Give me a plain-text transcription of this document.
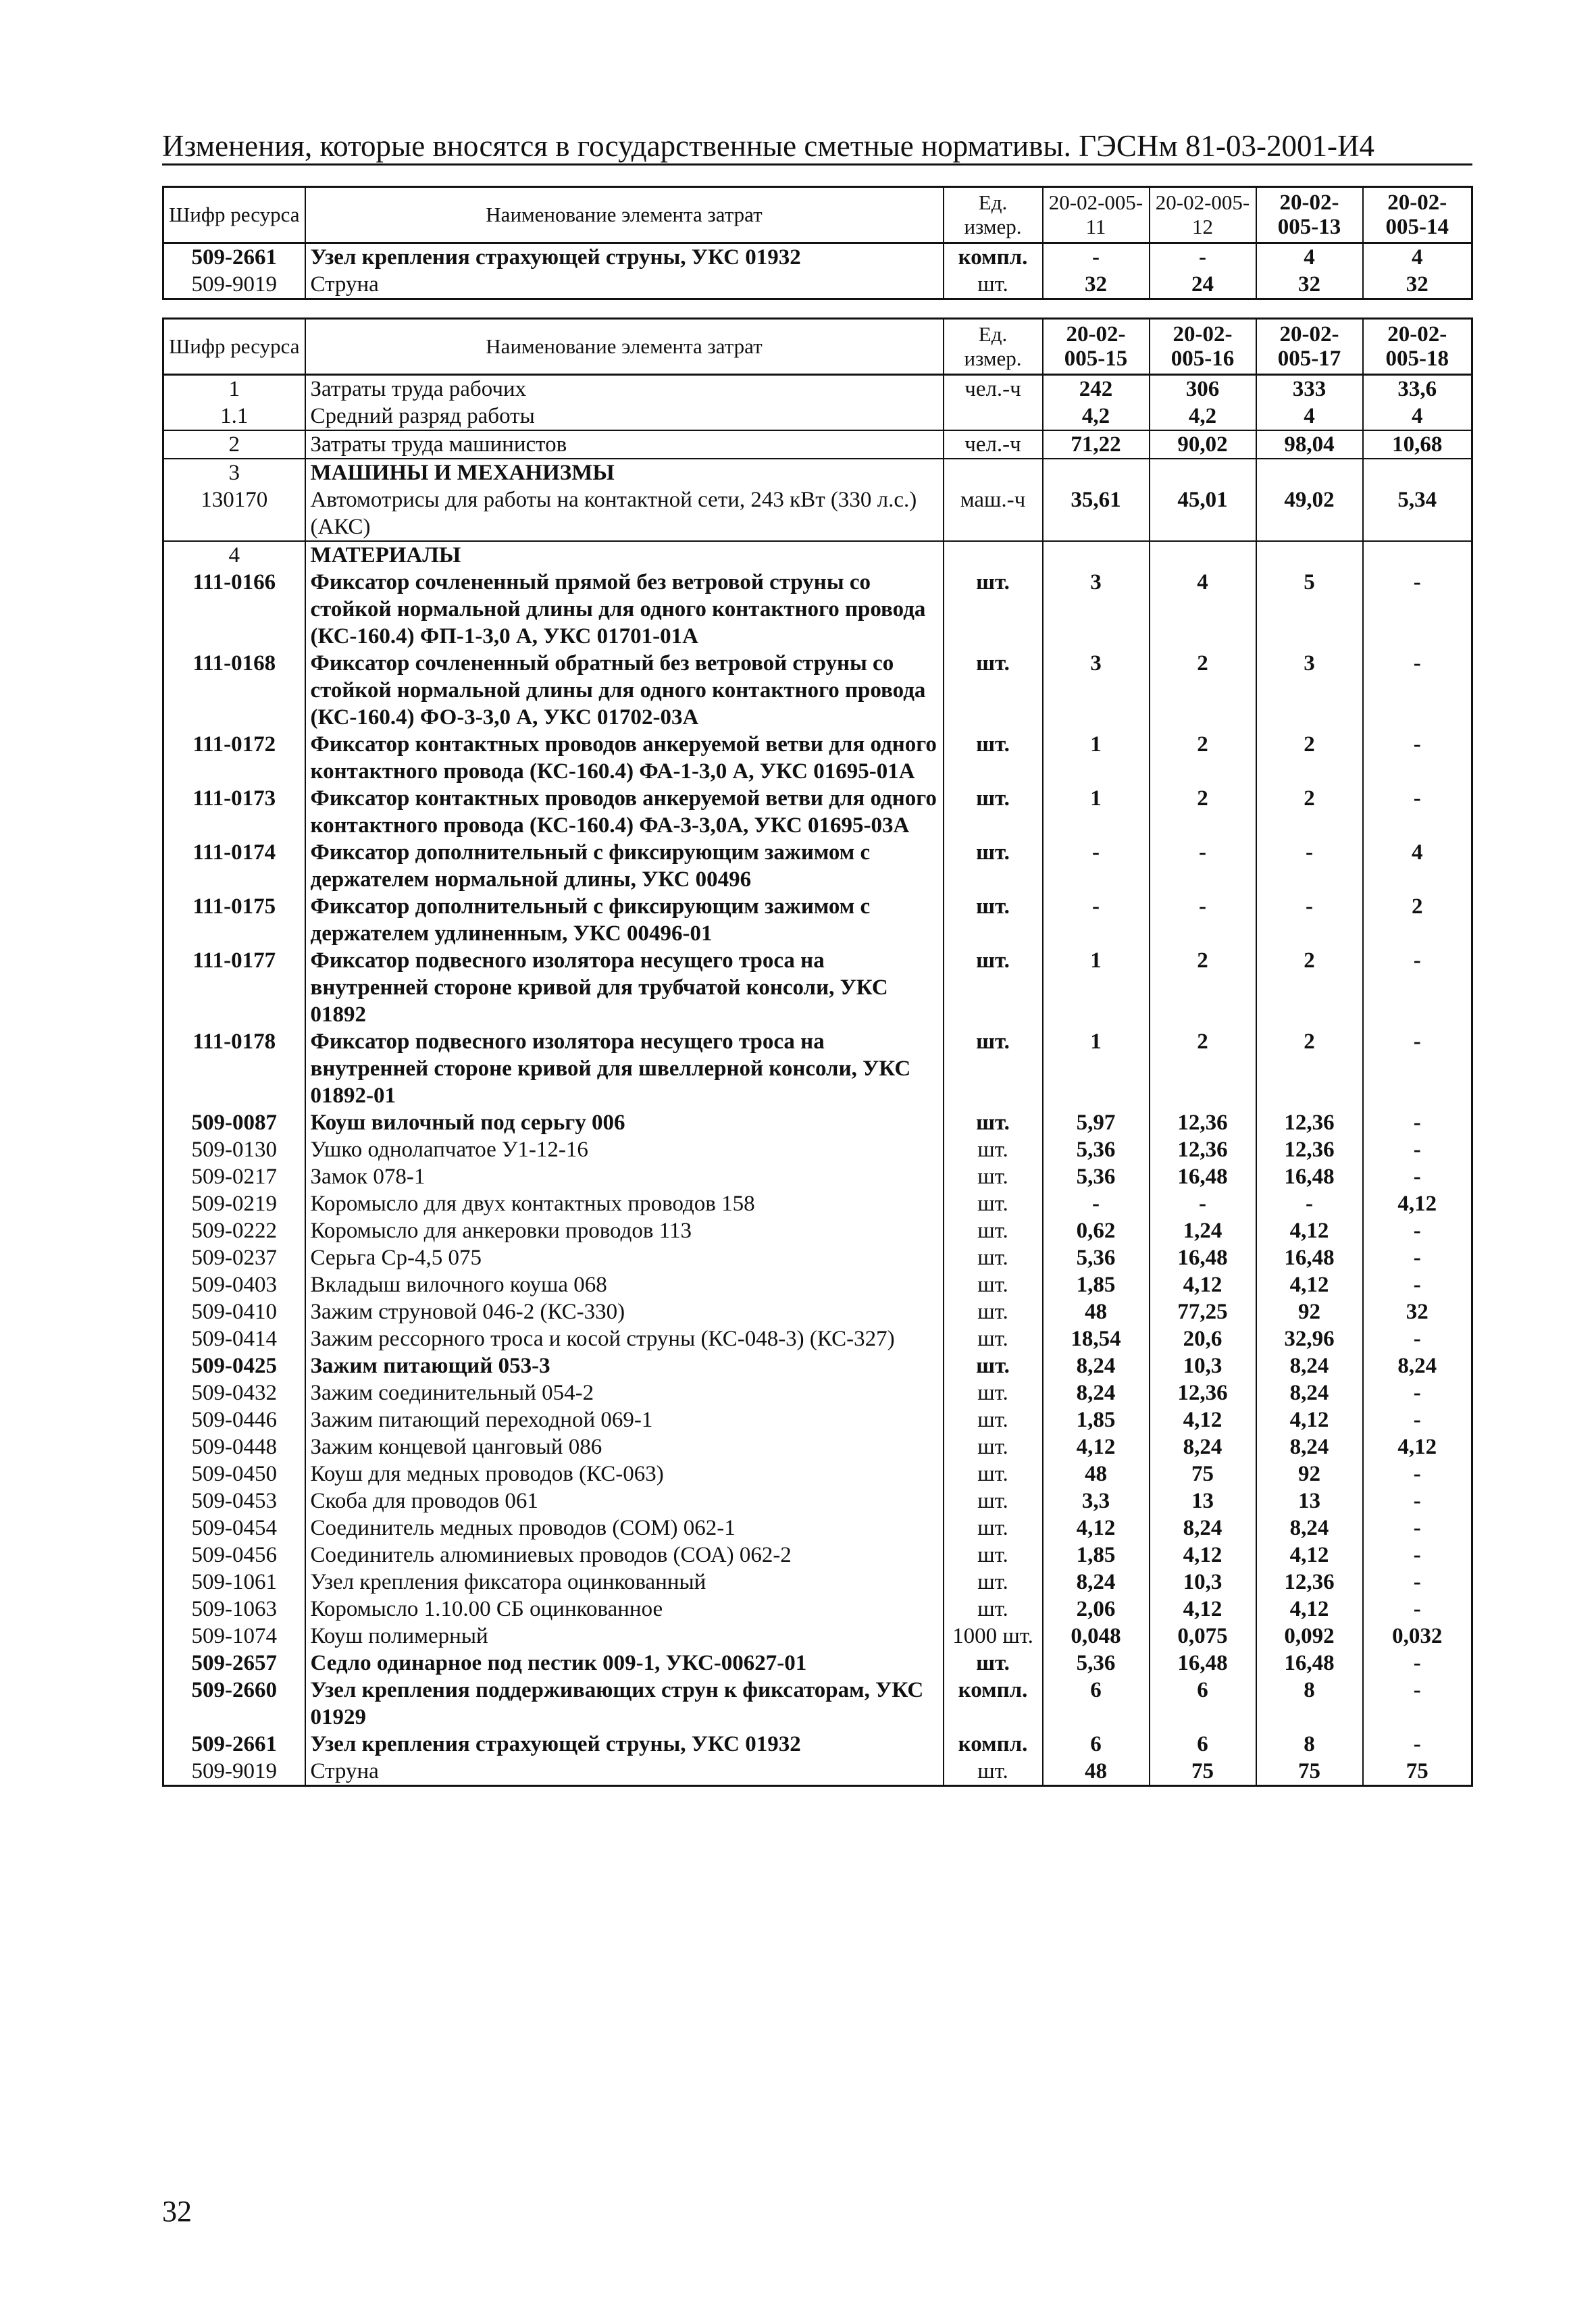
Изменения, которые вносятся в государственные сметные нормативы. ГЭСНм 81-03-2001-И4
Шифр ресурса	Наименование элемента затрат	Ед. измер.	20-02-005-11	20-02-005-12	20-02-005-13	20-02-005-14
509-2661	Узел крепления страхующей струны, УКС 01932	компл.	-	-	4	4
509-9019	Струна	шт.	32	24	32	32
Шифр ресурса	Наименование элемента затрат	Ед. измер.	20-02-005-15	20-02-005-16	20-02-005-17	20-02-005-18
1	Затраты труда рабочих	чел.-ч	242	306	333	33,6
1.1	Средний разряд работы		4,2	4,2	4	4
2	Затраты труда машинистов	чел.-ч	71,22	90,02	98,04	10,68
3	МАШИНЫ И МЕХАНИЗМЫ					
130170	Автомотрисы для работы на контактной сети, 243 кВт (330 л.с.) (АКС)	маш.-ч	35,61	45,01	49,02	5,34
4	МАТЕРИАЛЫ					
111-0166	Фиксатор сочлененный прямой без ветровой струны со стойкой нормальной длины для одного контактного провода (КС-160.4) ФП-1-3,0 А, УКС 01701-01А	шт.	3	4	5	-
111-0168	Фиксатор сочлененный обратный без ветровой струны со стойкой нормальной длины для одного контактного провода (КС-160.4) ФО-3-3,0 А, УКС 01702-03А	шт.	3	2	3	-
111-0172	Фиксатор контактных проводов анкеруемой ветви для одного контактного провода (КС-160.4) ФА-1-3,0 А, УКС 01695-01А	шт.	1	2	2	-
111-0173	Фиксатор контактных проводов анкеруемой ветви для одного контактного провода (КС-160.4) ФА-3-3,0А, УКС 01695-03А	шт.	1	2	2	-
111-0174	Фиксатор дополнительный с фиксирующим зажимом с держателем нормальной длины, УКС 00496	шт.	-	-	-	4
111-0175	Фиксатор дополнительный с фиксирующим зажимом с держателем удлиненным, УКС 00496-01	шт.	-	-	-	2
111-0177	Фиксатор подвесного изолятора несущего троса на внутренней стороне кривой для трубчатой консоли, УКС 01892	шт.	1	2	2	-
111-0178	Фиксатор подвесного изолятора несущего троса на внутренней стороне кривой для швеллерной консоли, УКС 01892-01	шт.	1	2	2	-
509-0087	Коуш вилочный под серьгу 006	шт.	5,97	12,36	12,36	-
509-0130	Ушко однолапчатое У1-12-16	шт.	5,36	12,36	12,36	-
509-0217	Замок 078-1	шт.	5,36	16,48	16,48	-
509-0219	Коромысло для двух контактных проводов 158	шт.	-	-	-	4,12
509-0222	Коромысло для анкеровки проводов 113	шт.	0,62	1,24	4,12	-
509-0237	Серьга Ср-4,5 075	шт.	5,36	16,48	16,48	-
509-0403	Вкладыш вилочного коуша 068	шт.	1,85	4,12	4,12	-
509-0410	Зажим струновой 046-2 (КС-330)	шт.	48	77,25	92	32
509-0414	Зажим рессорного троса и косой струны (КС-048-3) (КС-327)	шт.	18,54	20,6	32,96	-
509-0425	Зажим питающий 053-3	шт.	8,24	10,3	8,24	8,24
509-0432	Зажим соединительный 054-2	шт.	8,24	12,36	8,24	-
509-0446	Зажим питающий переходной 069-1	шт.	1,85	4,12	4,12	-
509-0448	Зажим концевой цанговый 086	шт.	4,12	8,24	8,24	4,12
509-0450	Коуш для медных проводов (КС-063)	шт.	48	75	92	-
509-0453	Скоба для проводов 061	шт.	3,3	13	13	-
509-0454	Соединитель медных проводов (СОМ) 062-1	шт.	4,12	8,24	8,24	-
509-0456	Соединитель алюминиевых проводов (СОА) 062-2	шт.	1,85	4,12	4,12	-
509-1061	Узел крепления фиксатора оцинкованный	шт.	8,24	10,3	12,36	-
509-1063	Коромысло 1.10.00 СБ оцинкованное	шт.	2,06	4,12	4,12	-
509-1074	Коуш полимерный	1000 шт.	0,048	0,075	0,092	0,032
509-2657	Седло одинарное под пестик 009-1, УКС-00627-01	шт.	5,36	16,48	16,48	-
509-2660	Узел крепления поддерживающих струн к фиксаторам, УКС 01929	компл.	6	6	8	-
509-2661	Узел крепления страхующей струны, УКС 01932	компл.	6	6	8	-
509-9019	Струна	шт.	48	75	75	75
32
